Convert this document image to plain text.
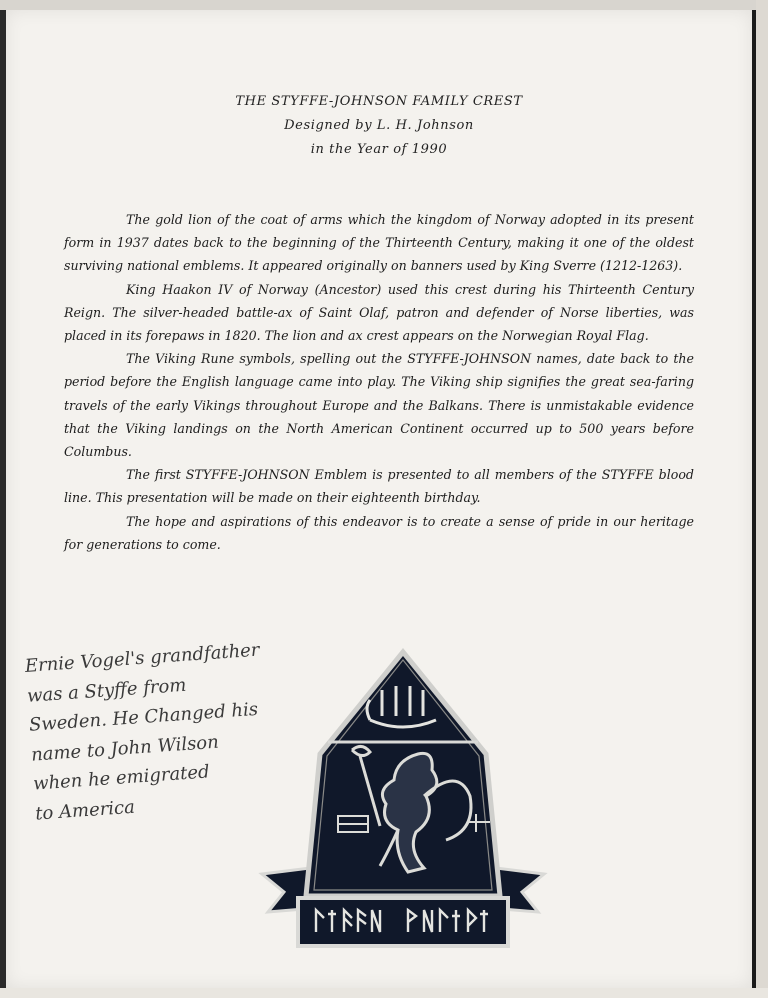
THE STYFFE-JOHNSON FAMILY CREST
Designed by L. H. Johnson
in the Year of 1990

The gold lion of the coat of arms which the kingdom of Norway adopted in its present form in 1937 dates back to the beginning of the Thirteenth Century, making it one of the oldest surviving national emblems. It appeared originally on banners used by King Sverre (1212-1263).

King Haakon IV of Norway (Ancestor) used this crest during his Thirteenth Century Reign. The silver-headed battle-ax of Saint Olaf, patron and defender of Norse liberties, was placed in its forepaws in 1820. The lion and ax crest appears on the Norwegian Royal Flag.

The Viking Rune symbols, spelling out the STYFFE-JOHNSON names, date back to the period before the English language came into play. The Viking ship signifies the great sea-faring travels of the early Vikings throughout Europe and the Balkans. There is unmistakable evidence that the Viking landings on the North American Continent occurred up to 500 years before Columbus.

The first STYFFE-JOHNSON Emblem is presented to all members of the STYFFE blood line. This presentation will be made on their eighteenth birthday.

The hope and aspirations of this endeavor is to create a sense of pride in our heritage for generations to come.

Ernie Vogel's grandfather
was a Styffe from
Sweden. He Changed his
name to John Wilson
when he emigrated
to America
